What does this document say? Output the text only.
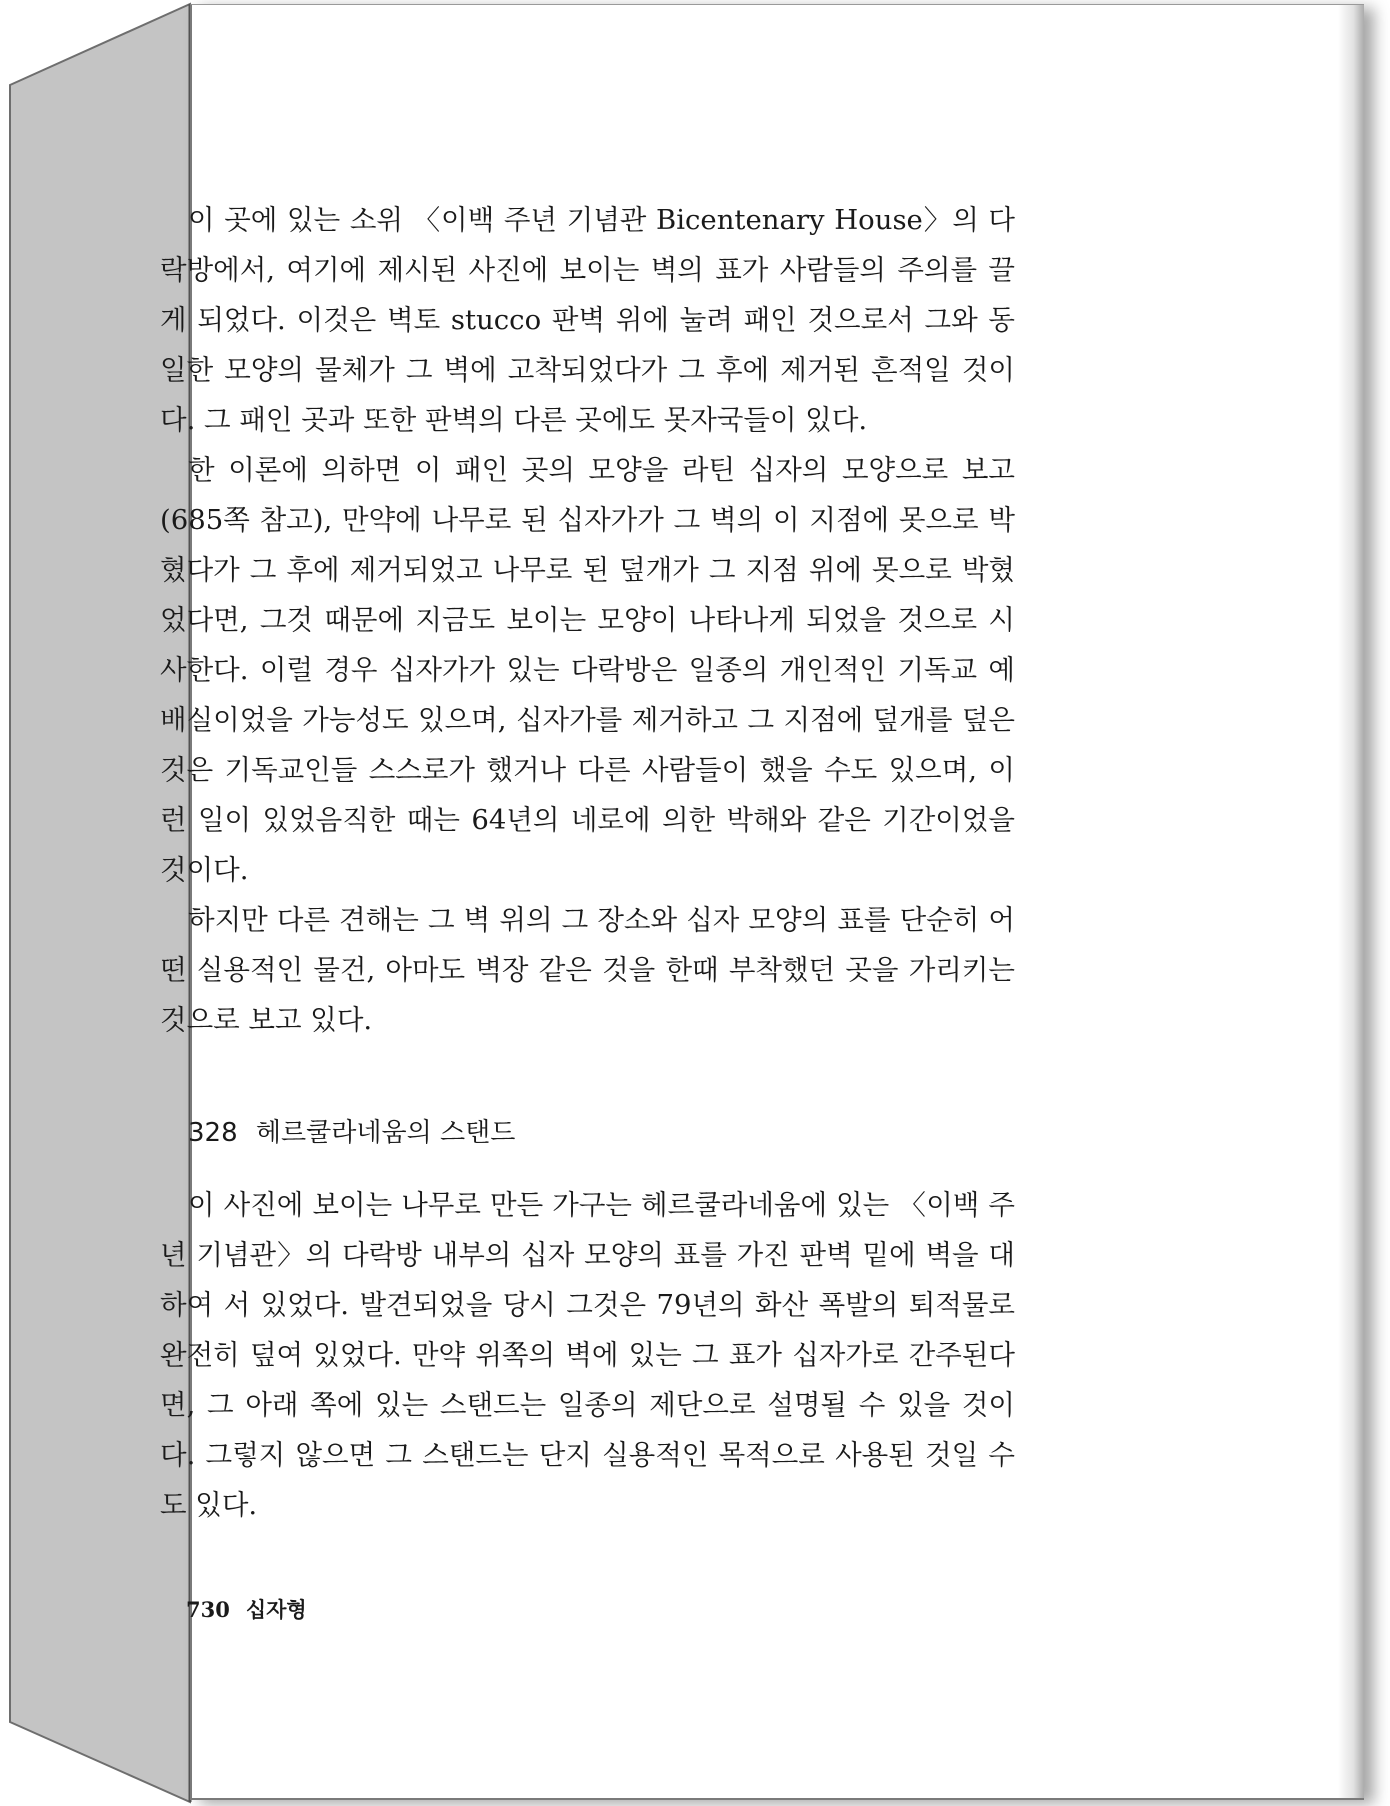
이 곳에 있는 소위 〈이백 주년 기념관 Bicentenary House〉의 다락방에서, 여기에 제시된 사진에 보이는 벽의 표가 사람들의 주의를 끌게 되었다. 이것은 벽토 stucco 판벽 위에 눌려 패인 것으로서 그와 동일한 모양의 물체가 그 벽에 고착되었다가 그 후에 제거된 흔적일 것이다. 그 패인 곳과 또한 판벽의 다른 곳에도 못자국들이 있다.

한 이론에 의하면 이 패인 곳의 모양을 라틴 십자의 모양으로 보고(685쪽 참고), 만약에 나무로 된 십자가가 그 벽의 이 지점에 못으로 박혔다가 그 후에 제거되었고 나무로 된 덮개가 그 지점 위에 못으로 박혔었다면, 그것 때문에 지금도 보이는 모양이 나타나게 되었을 것으로 시사한다. 이럴 경우 십자가가 있는 다락방은 일종의 개인적인 기독교 예배실이었을 가능성도 있으며, 십자가를 제거하고 그 지점에 덮개를 덮은 것은 기독교인들 스스로가 했거나 다른 사람들이 했을 수도 있으며, 이런 일이 있었음직한 때는 64년의 네로에 의한 박해와 같은 기간이었을 것이다.

하지만 다른 견해는 그 벽 위의 그 장소와 십자 모양의 표를 단순히 어떤 실용적인 물건, 아마도 벽장 같은 것을 한때 부착했던 곳을 가리키는 것으로 보고 있다.

328 헤르쿨라네움의 스탠드

이 사진에 보이는 나무로 만든 가구는 헤르쿨라네움에 있는 〈이백 주년 기념관〉의 다락방 내부의 십자 모양의 표를 가진 판벽 밑에 벽을 대하여 서 있었다. 발견되었을 당시 그것은 79년의 화산 폭발의 퇴적물로 완전히 덮여 있었다. 만약 위쪽의 벽에 있는 그 표가 십자가로 간주된다면, 그 아래 쪽에 있는 스탠드는 일종의 제단으로 설명될 수 있을 것이다. 그렇지 않으면 그 스탠드는 단지 실용적인 목적으로 사용된 것일 수도 있다.

730 십자형
